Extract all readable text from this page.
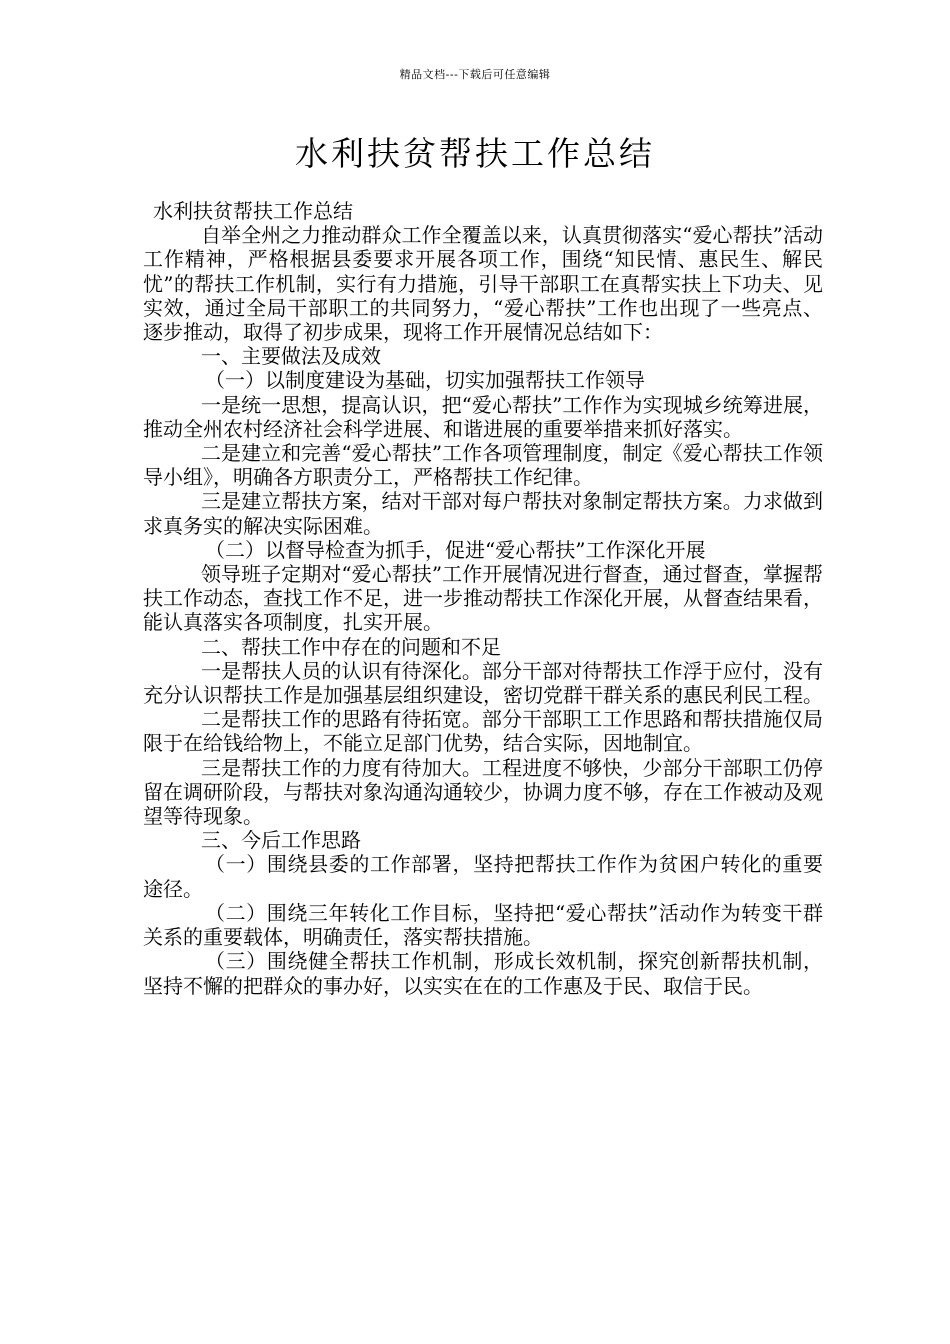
精品文档---下载后可任意编辑
水利扶贫帮扶工作总结

水利扶贫帮扶工作总结

自举全州之力推动群众工作全覆盖以来，认真贯彻落实“爱心帮扶”活动工作精神，严格根据县委要求开展各项工作，围绕“知民情、惠民生、解民忧”的帮扶工作机制，实行有力措施，引导干部职工在真帮实扶上下功夫、见实效，通过全局干部职工的共同努力，“爱心帮扶”工作也出现了一些亮点、逐步推动，取得了初步成果，现将工作开展情况总结如下：

一、主要做法及成效

（一）以制度建设为基础，切实加强帮扶工作领导

一是统一思想，提高认识，把“爱心帮扶”工作作为实现城乡统筹进展，推动全州农村经济社会科学进展、和谐进展的重要举措来抓好落实。

二是建立和完善“爱心帮扶”工作各项管理制度，制定《爱心帮扶工作领导小组》，明确各方职责分工，严格帮扶工作纪律。

三是建立帮扶方案，结对干部对每户帮扶对象制定帮扶方案。力求做到求真务实的解决实际困难。

（二）以督导检查为抓手，促进“爱心帮扶”工作深化开展

领导班子定期对“爱心帮扶”工作开展情况进行督查，通过督查，掌握帮扶工作动态，查找工作不足，进一步推动帮扶工作深化开展，从督查结果看，能认真落实各项制度，扎实开展。

二、帮扶工作中存在的问题和不足

一是帮扶人员的认识有待深化。部分干部对待帮扶工作浮于应付，没有充分认识帮扶工作是加强基层组织建设，密切党群干群关系的惠民利民工程。

二是帮扶工作的思路有待拓宽。部分干部职工工作思路和帮扶措施仅局限于在给钱给物上，不能立足部门优势，结合实际，因地制宜。

三是帮扶工作的力度有待加大。工程进度不够快，少部分干部职工仍停留在调研阶段，与帮扶对象沟通沟通较少，协调力度不够，存在工作被动及观望等待现象。

三、今后工作思路

（一）围绕县委的工作部署，坚持把帮扶工作作为贫困户转化的重要途径。

（二）围绕三年转化工作目标，坚持把“爱心帮扶”活动作为转变干群关系的重要载体，明确责任，落实帮扶措施。

（三）围绕健全帮扶工作机制，形成长效机制，探究创新帮扶机制，坚持不懈的把群众的事办好，以实实在在的工作惠及于民、取信于民。
